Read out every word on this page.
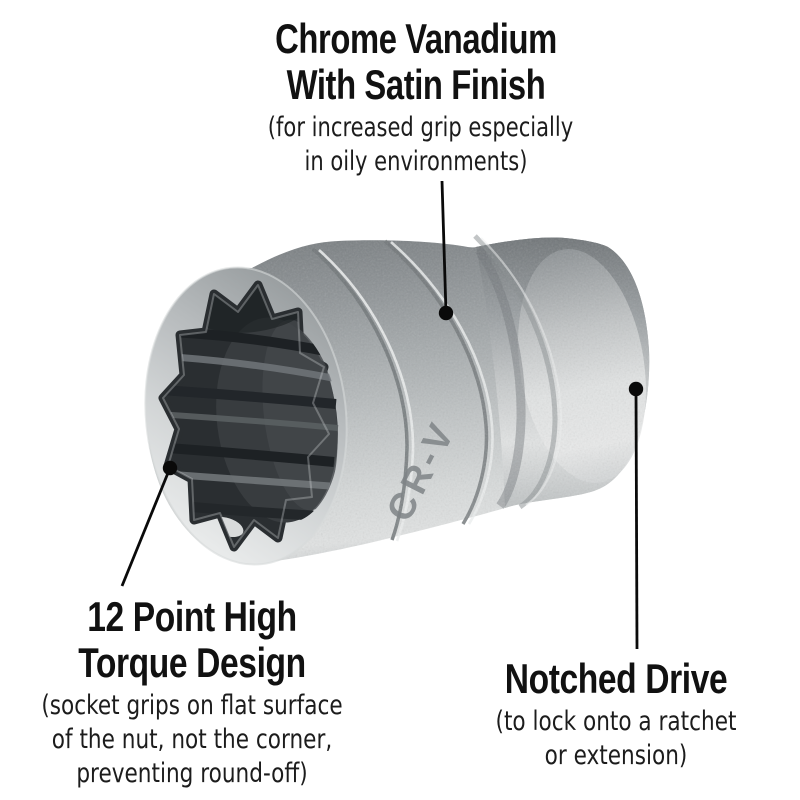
CR-V
Chrome Vanadium
With Satin Finish
(for increased grip especially
in oily environments)
12 Point High
Torque Design
(socket grips on flat surface
of the nut, not the corner,
preventing round-off)
Notched Drive
(to lock onto a ratchet
or extension)
